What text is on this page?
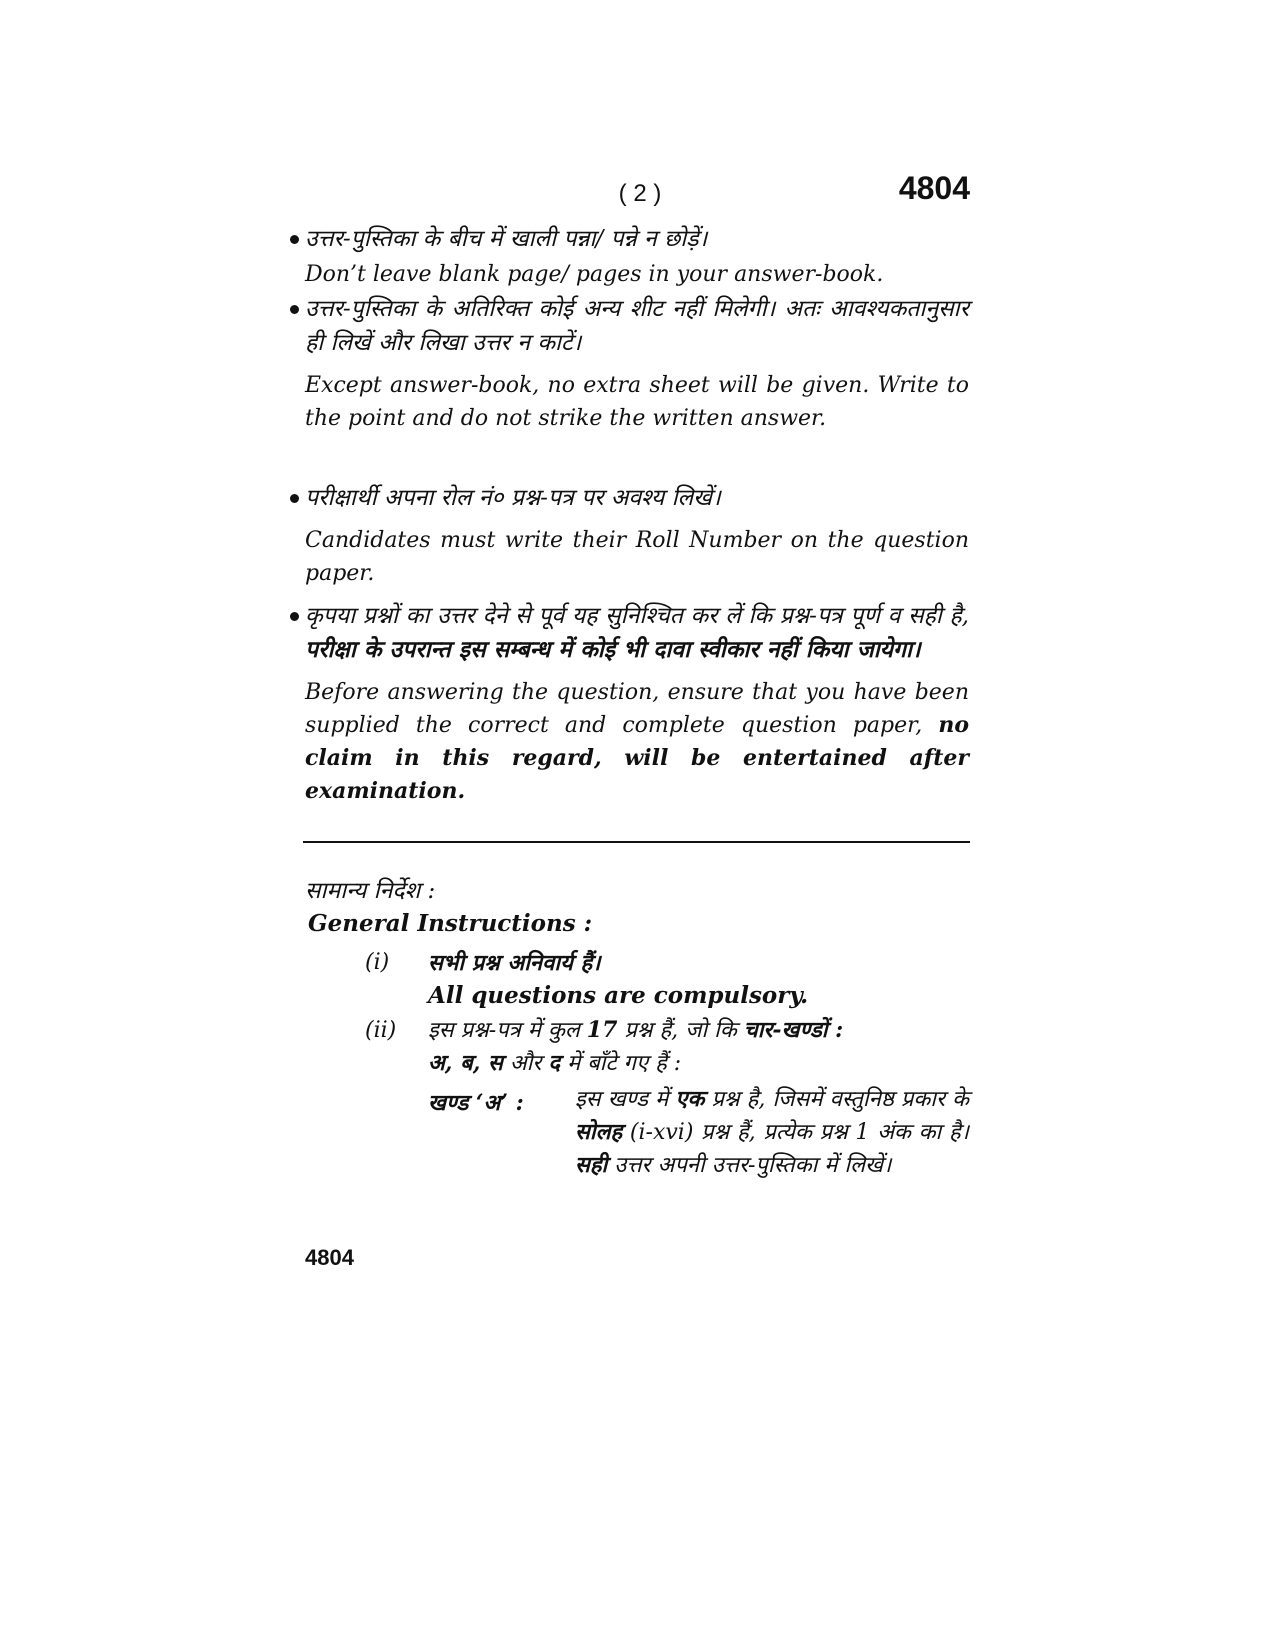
( 2 )	4804
उत्तर-पुस्तिका के बीच में खाली पन्ना/ पन्ने न छोड़ें।
Don’t leave blank page/ pages in your answer-book.
उत्तर-पुस्तिका के अतिरिक्त कोई अन्य शीट नहीं मिलेगी। अतः आवश्यकतानुसार ही लिखें और लिखा उत्तर न काटें।
Except answer-book, no extra sheet will be given. Write to the point and do not strike the written answer.
परीक्षार्थी अपना रोल नं० प्रश्न-पत्र पर अवश्य लिखें।
Candidates must write their Roll Number on the question paper.
कृपया प्रश्नों का उत्तर देने से पूर्व यह सुनिश्चित कर लें कि प्रश्न-पत्र पूर्ण व सही है, परीक्षा के उपरान्त इस सम्बन्ध में कोई भी दावा स्वीकार नहीं किया जायेगा।
Before answering the question, ensure that you have been supplied the correct and complete question paper, no claim in this regard, will be entertained after examination.
सामान्य निर्देश :
General Instructions :
(i) सभी प्रश्न अनिवार्य हैं।
All questions are compulsory.
(ii) इस प्रश्न-पत्र में कुल 17 प्रश्न हैं, जो कि चार-खण्डों :
अ, ब, स और द में बाँटे गए हैं :
खण्ड ‘अ’ : इस खण्ड में एक प्रश्न है, जिसमें वस्तुनिष्ठ प्रकार के सोलह (i-xvi) प्रश्न हैं, प्रत्येक प्रश्न 1 अंक का है। सही उत्तर अपनी उत्तर-पुस्तिका में लिखें।
4804
